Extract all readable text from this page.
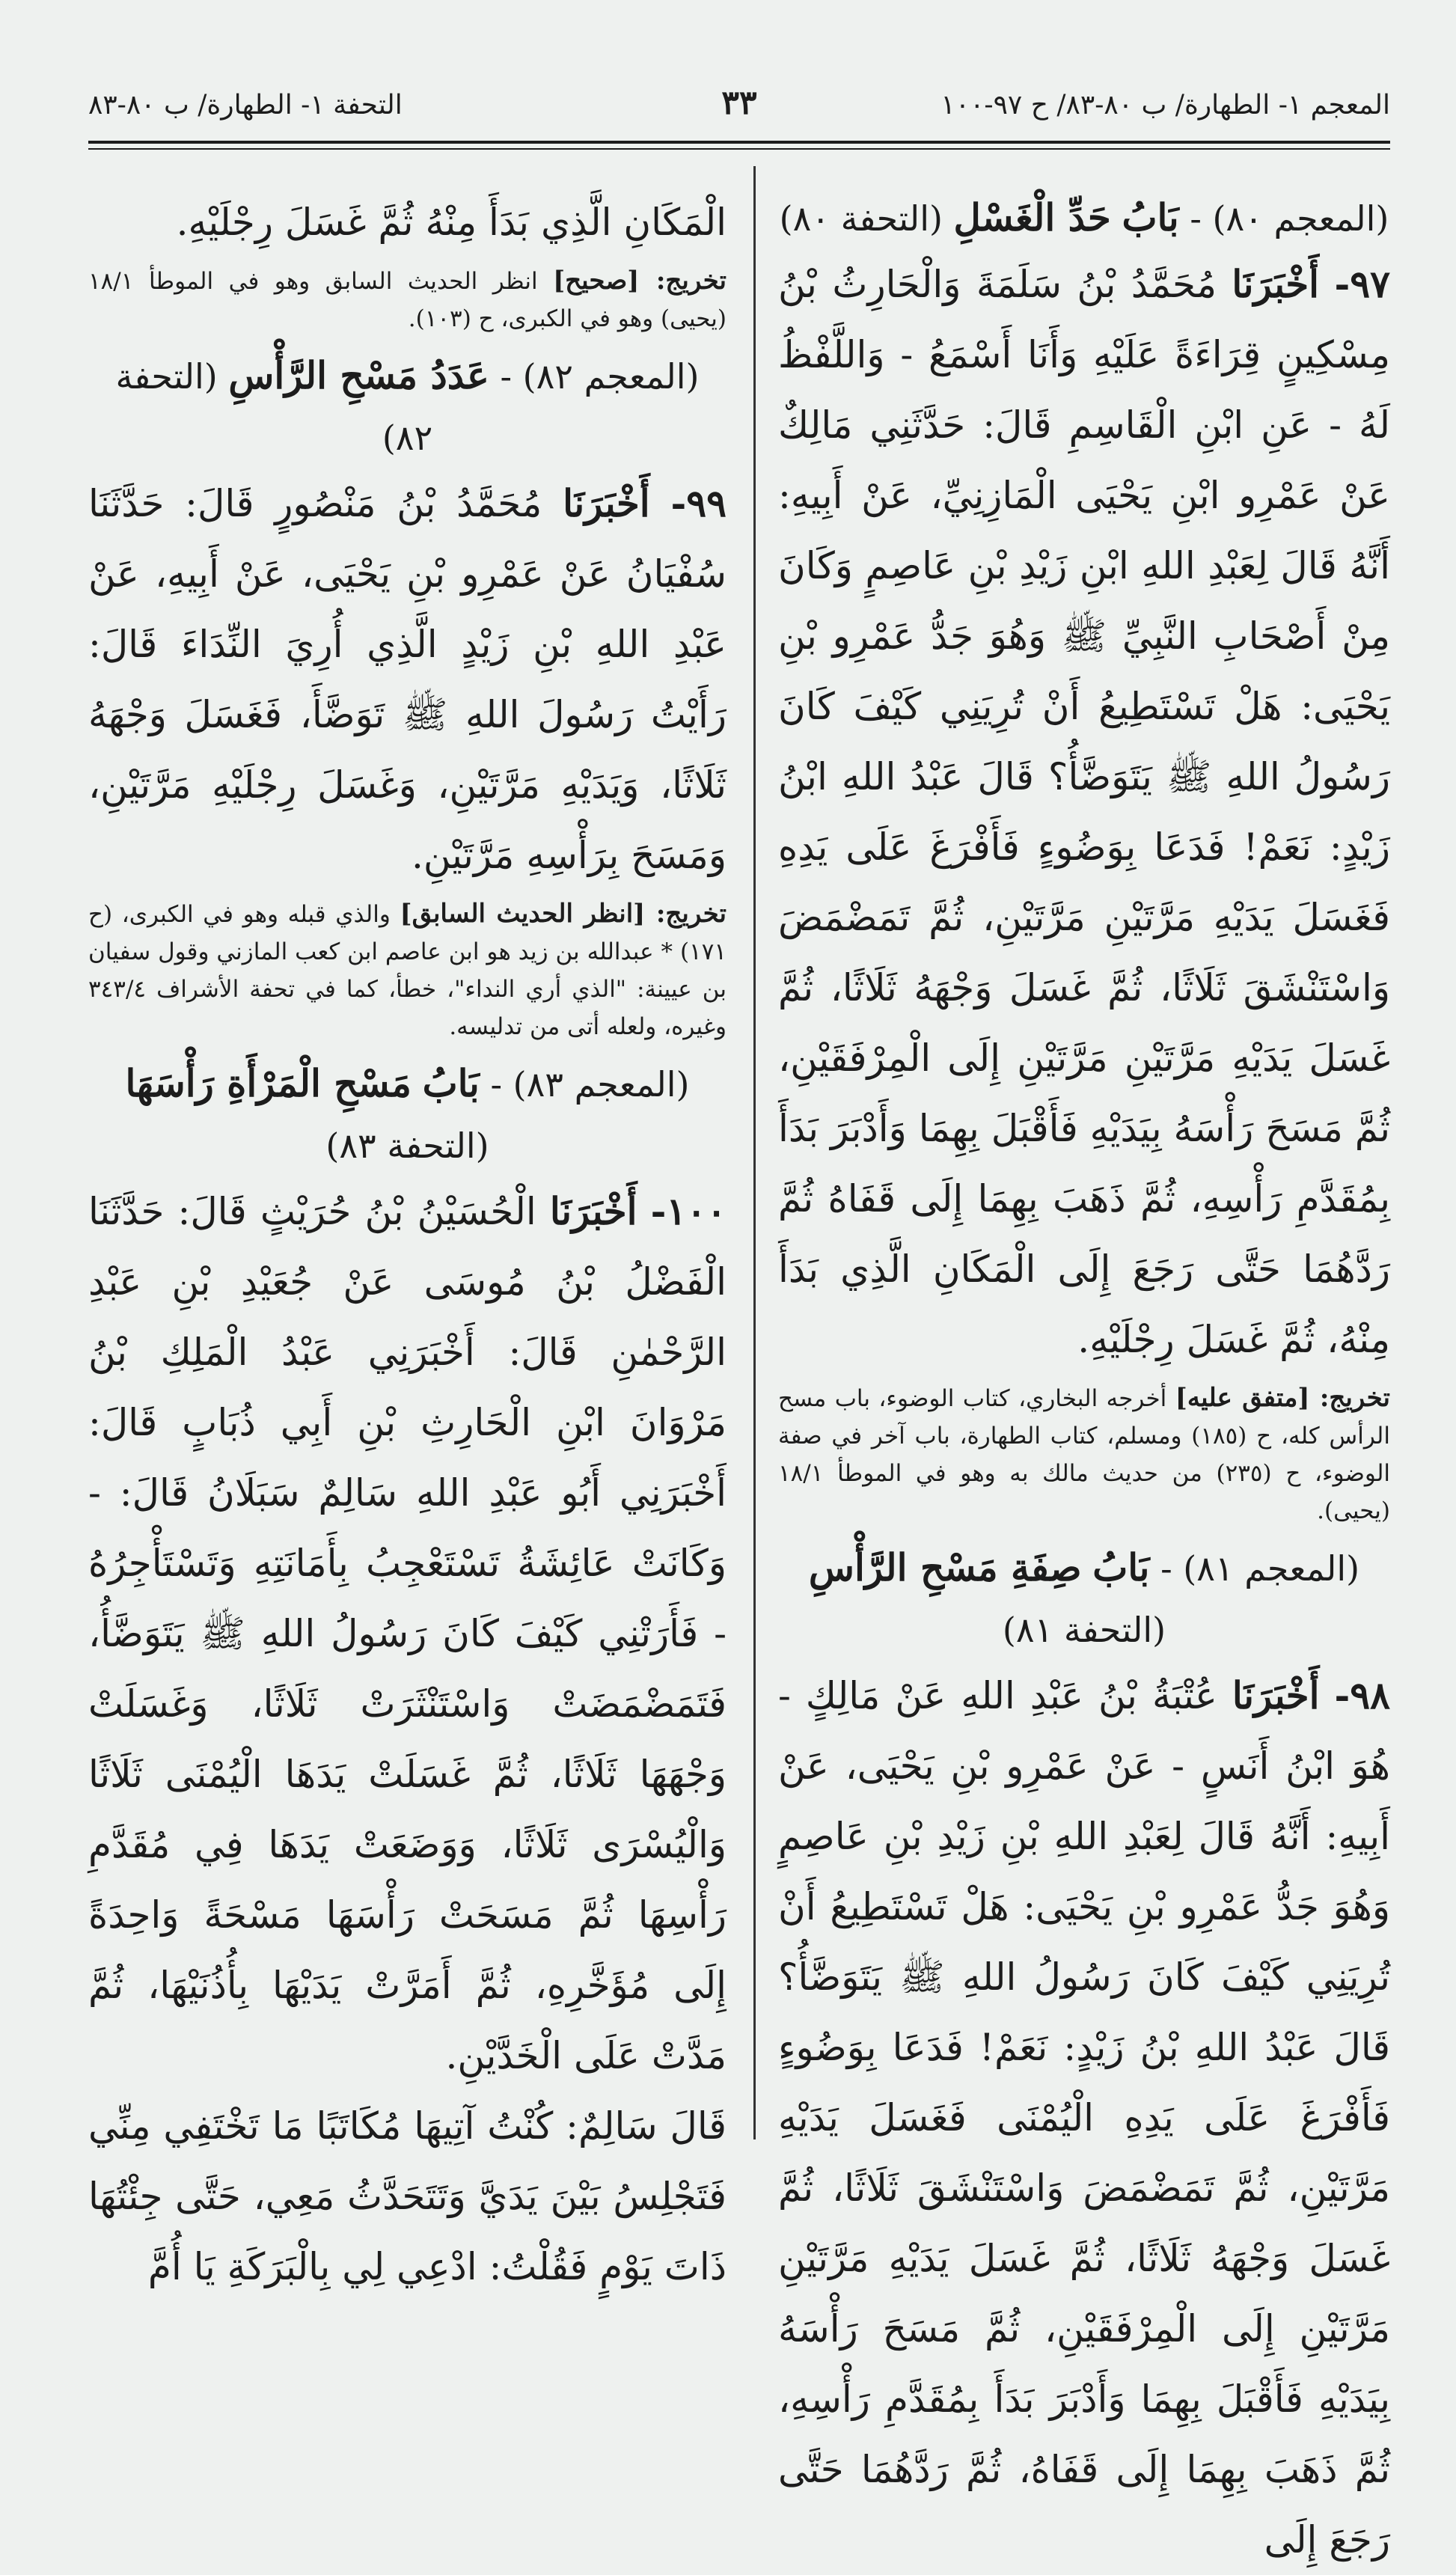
المعجم ١- الطهارة/ ب ٨٠-٨٣/ ح ٩٧-١٠٠
٣٣
التحفة ١- الطهارة/ ب ٨٠-٨٣

(المعجم ٨٠) - بَابُ حَدِّ الْغَسْلِ (التحفة ٨٠)

٩٧- أَخْبَرَنَا مُحَمَّدُ بْنُ سَلَمَةَ وَالْحَارِثُ بْنُ مِسْكِينٍ قِرَاءَةً عَلَيْهِ وَأَنَا أَسْمَعُ - وَاللَّفْظُ لَهُ - عَنِ ابْنِ الْقَاسِمِ قَالَ: حَدَّثَنِي مَالِكٌ عَنْ عَمْرِو ابْنِ يَحْيَى الْمَازِنِيِّ، عَنْ أَبِيهِ: أَنَّهُ قَالَ لِعَبْدِ اللهِ ابْنِ زَيْدِ بْنِ عَاصِمٍ وَكَانَ مِنْ أَصْحَابِ النَّبِيِّ ﷺ وَهُوَ جَدُّ عَمْرِو بْنِ يَحْيَى: هَلْ تَسْتَطِيعُ أَنْ تُرِيَنِي كَيْفَ كَانَ رَسُولُ اللهِ ﷺ يَتَوَضَّأُ؟ قَالَ عَبْدُ اللهِ ابْنُ زَيْدٍ: نَعَمْ! فَدَعَا بِوَضُوءٍ فَأَفْرَغَ عَلَى يَدِهِ فَغَسَلَ يَدَيْهِ مَرَّتَيْنِ مَرَّتَيْنِ، ثُمَّ تَمَضْمَضَ وَاسْتَنْشَقَ ثَلَاثًا، ثُمَّ غَسَلَ وَجْهَهُ ثَلَاثًا، ثُمَّ غَسَلَ يَدَيْهِ مَرَّتَيْنِ مَرَّتَيْنِ إِلَى الْمِرْفَقَيْنِ، ثُمَّ مَسَحَ رَأْسَهُ بِيَدَيْهِ فَأَقْبَلَ بِهِمَا وَأَدْبَرَ بَدَأَ بِمُقَدَّمِ رَأْسِهِ، ثُمَّ ذَهَبَ بِهِمَا إِلَى قَفَاهُ ثُمَّ رَدَّهُمَا حَتَّى رَجَعَ إِلَى الْمَكَانِ الَّذِي بَدَأَ مِنْهُ، ثُمَّ غَسَلَ رِجْلَيْهِ.

تخريج: [متفق عليه] أخرجه البخاري، كتاب الوضوء، باب مسح الرأس كله، ح (١٨٥) ومسلم، كتاب الطهارة، باب آخر في صفة الوضوء، ح (٢٣٥) من حديث مالك به وهو في الموطأ ١٨/١ (يحيى).

(المعجم ٨١) - بَابُ صِفَةِ مَسْحِ الرَّأْسِ

(التحفة ٨١)

٩٨- أَخْبَرَنَا عُتْبَةُ بْنُ عَبْدِ اللهِ عَنْ مَالِكٍ - هُوَ ابْنُ أَنَسٍ - عَنْ عَمْرِو بْنِ يَحْيَى، عَنْ أَبِيهِ: أَنَّهُ قَالَ لِعَبْدِ اللهِ بْنِ زَيْدِ بْنِ عَاصِمٍ وَهُوَ جَدُّ عَمْرِو بْنِ يَحْيَى: هَلْ تَسْتَطِيعُ أَنْ تُرِيَنِي كَيْفَ كَانَ رَسُولُ اللهِ ﷺ يَتَوَضَّأُ؟ قَالَ عَبْدُ اللهِ بْنُ زَيْدٍ: نَعَمْ! فَدَعَا بِوَضُوءٍ فَأَفْرَغَ عَلَى يَدِهِ الْيُمْنَى فَغَسَلَ يَدَيْهِ مَرَّتَيْنِ، ثُمَّ تَمَضْمَضَ وَاسْتَنْشَقَ ثَلَاثًا، ثُمَّ غَسَلَ وَجْهَهُ ثَلَاثًا، ثُمَّ غَسَلَ يَدَيْهِ مَرَّتَيْنِ مَرَّتَيْنِ إِلَى الْمِرْفَقَيْنِ، ثُمَّ مَسَحَ رَأْسَهُ بِيَدَيْهِ فَأَقْبَلَ بِهِمَا وَأَدْبَرَ بَدَأَ بِمُقَدَّمِ رَأْسِهِ، ثُمَّ ذَهَبَ بِهِمَا إِلَى قَفَاهُ، ثُمَّ رَدَّهُمَا حَتَّى رَجَعَ إِلَى

الْمَكَانِ الَّذِي بَدَأَ مِنْهُ ثُمَّ غَسَلَ رِجْلَيْهِ.

تخريج: [صحيح] انظر الحديث السابق وهو في الموطأ ١٨/١ (يحيى) وهو في الكبرى، ح (١٠٣).

(المعجم ٨٢) - عَدَدُ مَسْحِ الرَّأْسِ (التحفة ٨٢)

٩٩- أَخْبَرَنَا مُحَمَّدُ بْنُ مَنْصُورٍ قَالَ: حَدَّثَنَا سُفْيَانُ عَنْ عَمْرِو بْنِ يَحْيَى، عَنْ أَبِيهِ، عَنْ عَبْدِ اللهِ بْنِ زَيْدٍ الَّذِي أُرِيَ النِّدَاءَ قَالَ: رَأَيْتُ رَسُولَ اللهِ ﷺ تَوَضَّأَ، فَغَسَلَ وَجْهَهُ ثَلَاثًا، وَيَدَيْهِ مَرَّتَيْنِ، وَغَسَلَ رِجْلَيْهِ مَرَّتَيْنِ، وَمَسَحَ بِرَأْسِهِ مَرَّتَيْنِ.

تخريج: [انظر الحديث السابق] والذي قبله وهو في الكبرى، (ح ١٧١) * عبدالله بن زيد هو ابن عاصم ابن كعب المازني وقول سفيان بن عيينة: "الذي أري النداء"، خطأ، كما في تحفة الأشراف ٣٤٣/٤ وغيره، ولعله أتى من تدليسه.

(المعجم ٨٣) - بَابُ مَسْحِ الْمَرْأَةِ رَأْسَهَا

(التحفة ٨٣)

١٠٠- أَخْبَرَنَا الْحُسَيْنُ بْنُ حُرَيْثٍ قَالَ: حَدَّثَنَا الْفَضْلُ بْنُ مُوسَى عَنْ جُعَيْدِ بْنِ عَبْدِ الرَّحْمٰنِ قَالَ: أَخْبَرَنِي عَبْدُ الْمَلِكِ بْنُ مَرْوَانَ ابْنِ الْحَارِثِ بْنِ أَبِي ذُبَابٍ قَالَ: أَخْبَرَنِي أَبُو عَبْدِ اللهِ سَالِمٌ سَبَلَانُ قَالَ: - وَكَانَتْ عَائِشَةُ تَسْتَعْجِبُ بِأَمَانَتِهِ وَتَسْتَأْجِرُهُ - فَأَرَتْنِي كَيْفَ كَانَ رَسُولُ اللهِ ﷺ يَتَوَضَّأُ، فَتَمَضْمَضَتْ وَاسْتَنْثَرَتْ ثَلَاثًا، وَغَسَلَتْ وَجْهَهَا ثَلَاثًا، ثُمَّ غَسَلَتْ يَدَهَا الْيُمْنَى ثَلَاثًا وَالْيُسْرَى ثَلَاثًا، وَوَضَعَتْ يَدَهَا فِي مُقَدَّمِ رَأْسِهَا ثُمَّ مَسَحَتْ رَأْسَهَا مَسْحَةً وَاحِدَةً إِلَى مُؤَخَّرِهِ، ثُمَّ أَمَرَّتْ يَدَيْهَا بِأُذُنَيْهَا، ثُمَّ مَدَّتْ عَلَى الْخَدَّيْنِ.

قَالَ سَالِمٌ: كُنْتُ آتِيهَا مُكَاتَبًا مَا تَخْتَفِي مِنِّي فَتَجْلِسُ بَيْنَ يَدَيَّ وَتَتَحَدَّثُ مَعِي، حَتَّى جِئْتُهَا ذَاتَ يَوْمٍ فَقُلْتُ: ادْعِي لِي بِالْبَرَكَةِ يَا أُمَّ
